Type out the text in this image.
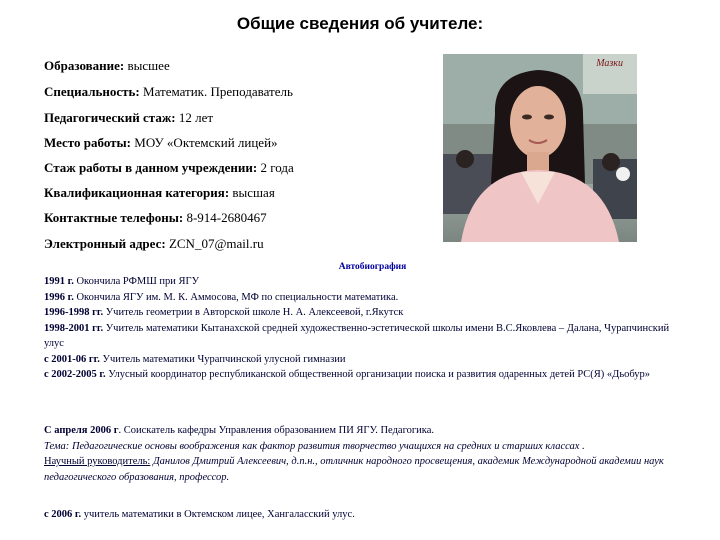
Общие сведения об учителе:
Образование: высшее
Специальность: Математик. Преподаватель
Педагогический стаж: 12 лет
Место работы: МОУ «Октемский лицей»
Стаж работы в данном учреждении: 2 года
Квалификационная категория: высшая
Контактные телефоны: 8-914-2680467
Электронный адрес: ZCN_07@mail.ru
Мазки
Автобиография
1991 г. Окончила РФМШ при ЯГУ
1996 г. Окончила ЯГУ им. М. К. Аммосова, МФ по специальности математика.
1996-1998 гг. Учитель геометрии в Авторской школе Н. А. Алексеевой, г.Якутск
1998-2001 гг. Учитель математики Кытанахской средней художественно-эстетической школы имени В.С.Яковлева – Далана, Чурапчинский улус
с 2001-06 гг. Учитель математики Чурапчинской улусной гимназии
с 2002-2005 г. Улусный координатор республиканской общественной организации поиска и развития одаренных детей РС(Я) «Дьобур»
С апреля 2006 г. Соискатель кафедры Управления образованием ПИ ЯГУ. Педагогика.
Тема: Педагогические основы воображения как фактор развития творчество учащихся на средних и старших классах .
Научный руководитель: Данилов Дмитрий Алексеевич, д.п.н., отличник народного просвещения, академик Международной академии наук педагогического образования, профессор.
с 2006 г. учитель математики в Октемском лицее, Хангаласский улус.
